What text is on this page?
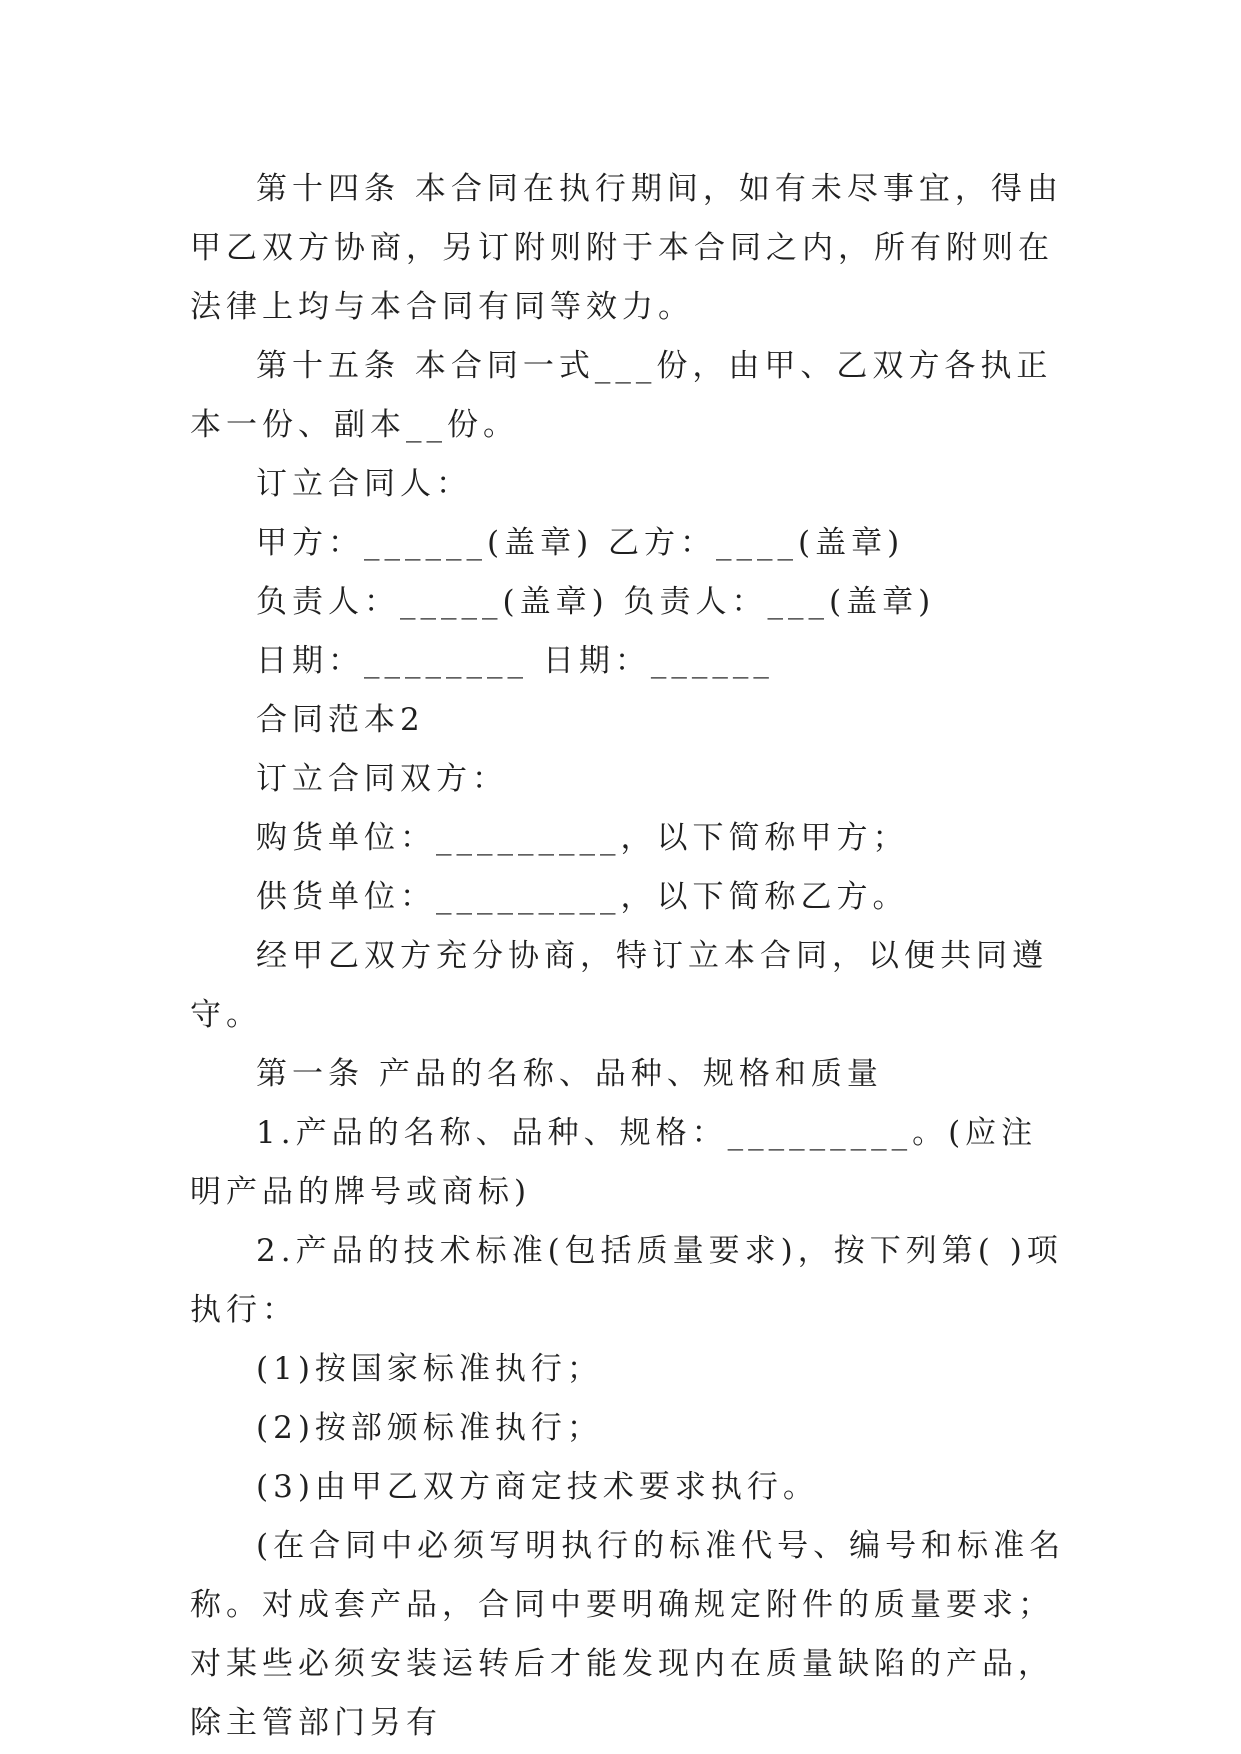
第十四条 本合同在执行期间，如有未尽事宜，得由甲乙双方协商，另订附则附于本合同之内，所有附则在法律上均与本合同有同等效力。

第十五条 本合同一式___份，由甲、乙双方各执正本一份、副本__份。

订立合同人：

甲方：______(盖章) 乙方：____(盖章)

负责人：_____(盖章) 负责人：___(盖章)

日期：________ 日期：______

合同范本2

订立合同双方：

购货单位：_________，以下简称甲方；

供货单位：_________，以下简称乙方。

经甲乙双方充分协商，特订立本合同，以便共同遵守。

第一条 产品的名称、品种、规格和质量

1.产品的名称、品种、规格：_________。(应注明产品的牌号或商标)

2.产品的技术标准(包括质量要求)，按下列第( )项执行：

(1)按国家标准执行；

(2)按部颁标准执行；

(3)由甲乙双方商定技术要求执行。

(在合同中必须写明执行的标准代号、编号和标准名称。对成套产品，合同中要明确规定附件的质量要求；对某些必须安装运转后才能发现内在质量缺陷的产品，除主管部门另有
